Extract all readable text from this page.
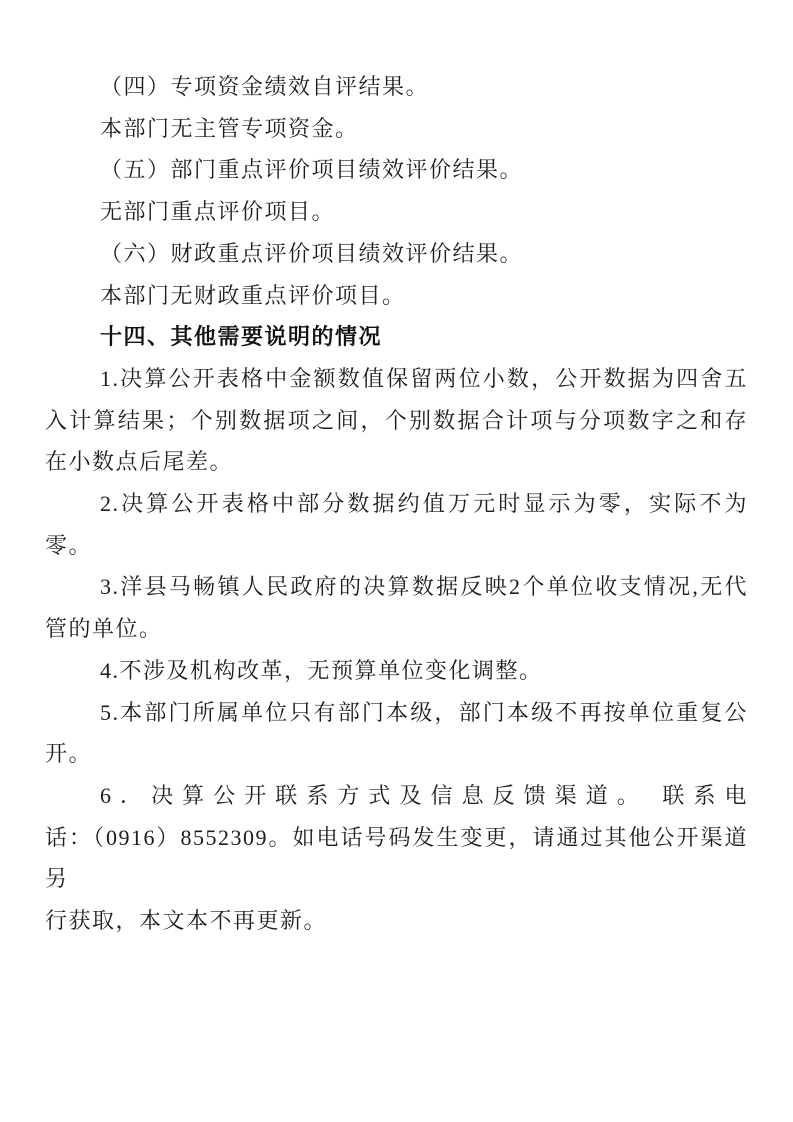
（四）专项资金绩效自评结果。

本部门无主管专项资金。

（五）部门重点评价项目绩效评价结果。

无部门重点评价项目。

（六）财政重点评价项目绩效评价结果。

本部门无财政重点评价项目。

十四、其他需要说明的情况

1.决算公开表格中金额数值保留两位小数，公开数据为四舍五入计算结果；个别数据项之间，个别数据合计项与分项数字之和存在小数点后尾差。

2.决算公开表格中部分数据约值万元时显示为零，实际不为零。

3.洋县马畅镇人民政府的决算数据反映2个单位收支情况,无代管的单位。

4.不涉及机构改革，无预算单位变化调整。

5.本部门所属单位只有部门本级，部门本级不再按单位重复公开。

6．决算公开联系方式及信息反馈渠道。 联系电
话：（0916）8552309。如电话号码发生变更，请通过其他公开渠道另
行获取，本文本不再更新。
